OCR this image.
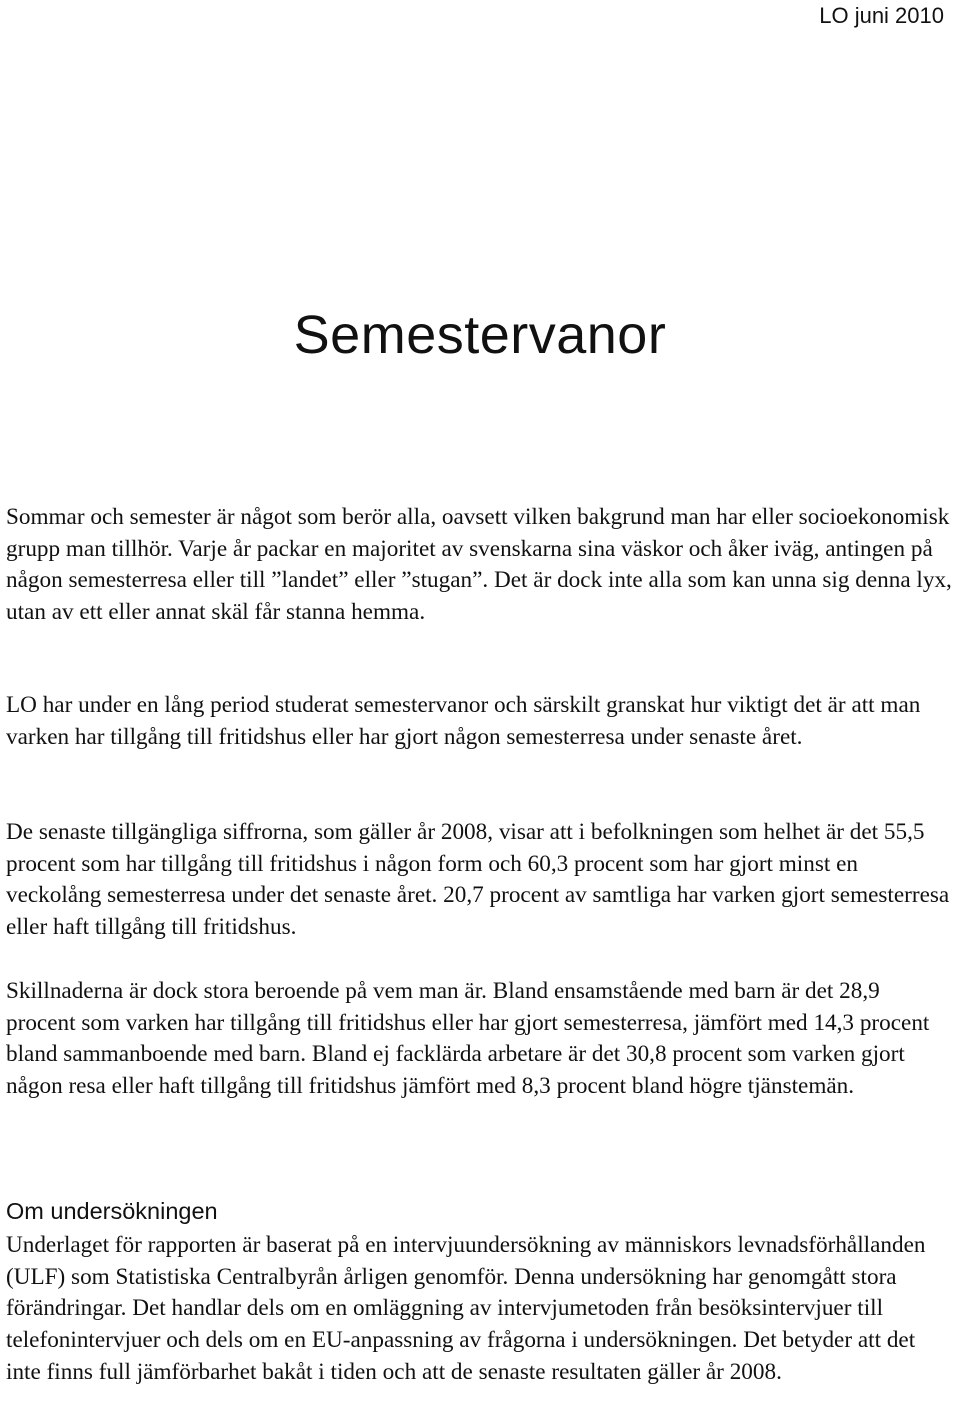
LO juni 2010
Semestervanor

Sommar och semester är något som berör alla, oavsett vilken bakgrund man har eller socioekonomisk grupp man tillhör. Varje år packar en majoritet av svenskarna sina väskor och åker iväg, antingen på någon semesterresa eller till ”landet” eller ”stugan”. Det är dock inte alla som kan unna sig denna lyx, utan av ett eller annat skäl får stanna hemma.

LO har under en lång period studerat semestervanor och särskilt granskat hur viktigt det är att man varken har tillgång till fritidshus eller har gjort någon semesterresa under senaste året.

De senaste tillgängliga siffrorna, som gäller år 2008, visar att i befolkningen som helhet är det 55,5 procent som har tillgång till fritidshus i någon form och 60,3 procent som har gjort minst en veckolång semesterresa under det senaste året. 20,7 procent av samtliga har varken gjort semesterresa eller haft tillgång till fritidshus.

Skillnaderna är dock stora beroende på vem man är. Bland ensamstående med barn är det 28,9 procent som varken har tillgång till fritidshus eller har gjort semesterresa, jämfört med 14,3 procent bland sammanboende med barn. Bland ej facklärda arbetare är det 30,8 procent som varken gjort någon resa eller haft tillgång till fritidshus jämfört med 8,3 procent bland högre tjänstemän.

Om undersökningen

Underlaget för rapporten är baserat på en intervjuundersökning av människors levnadsförhållanden (ULF) som Statistiska Centralbyrån årligen genomför. Denna undersökning har genomgått stora förändringar. Det handlar dels om en omläggning av intervjumetoden från besöksintervjuer till telefonintervjuer och dels om en EU-anpassning av frågorna i undersökningen. Det betyder att det inte finns full jämförbarhet bakåt i tiden och att de senaste resultaten gäller år 2008.
